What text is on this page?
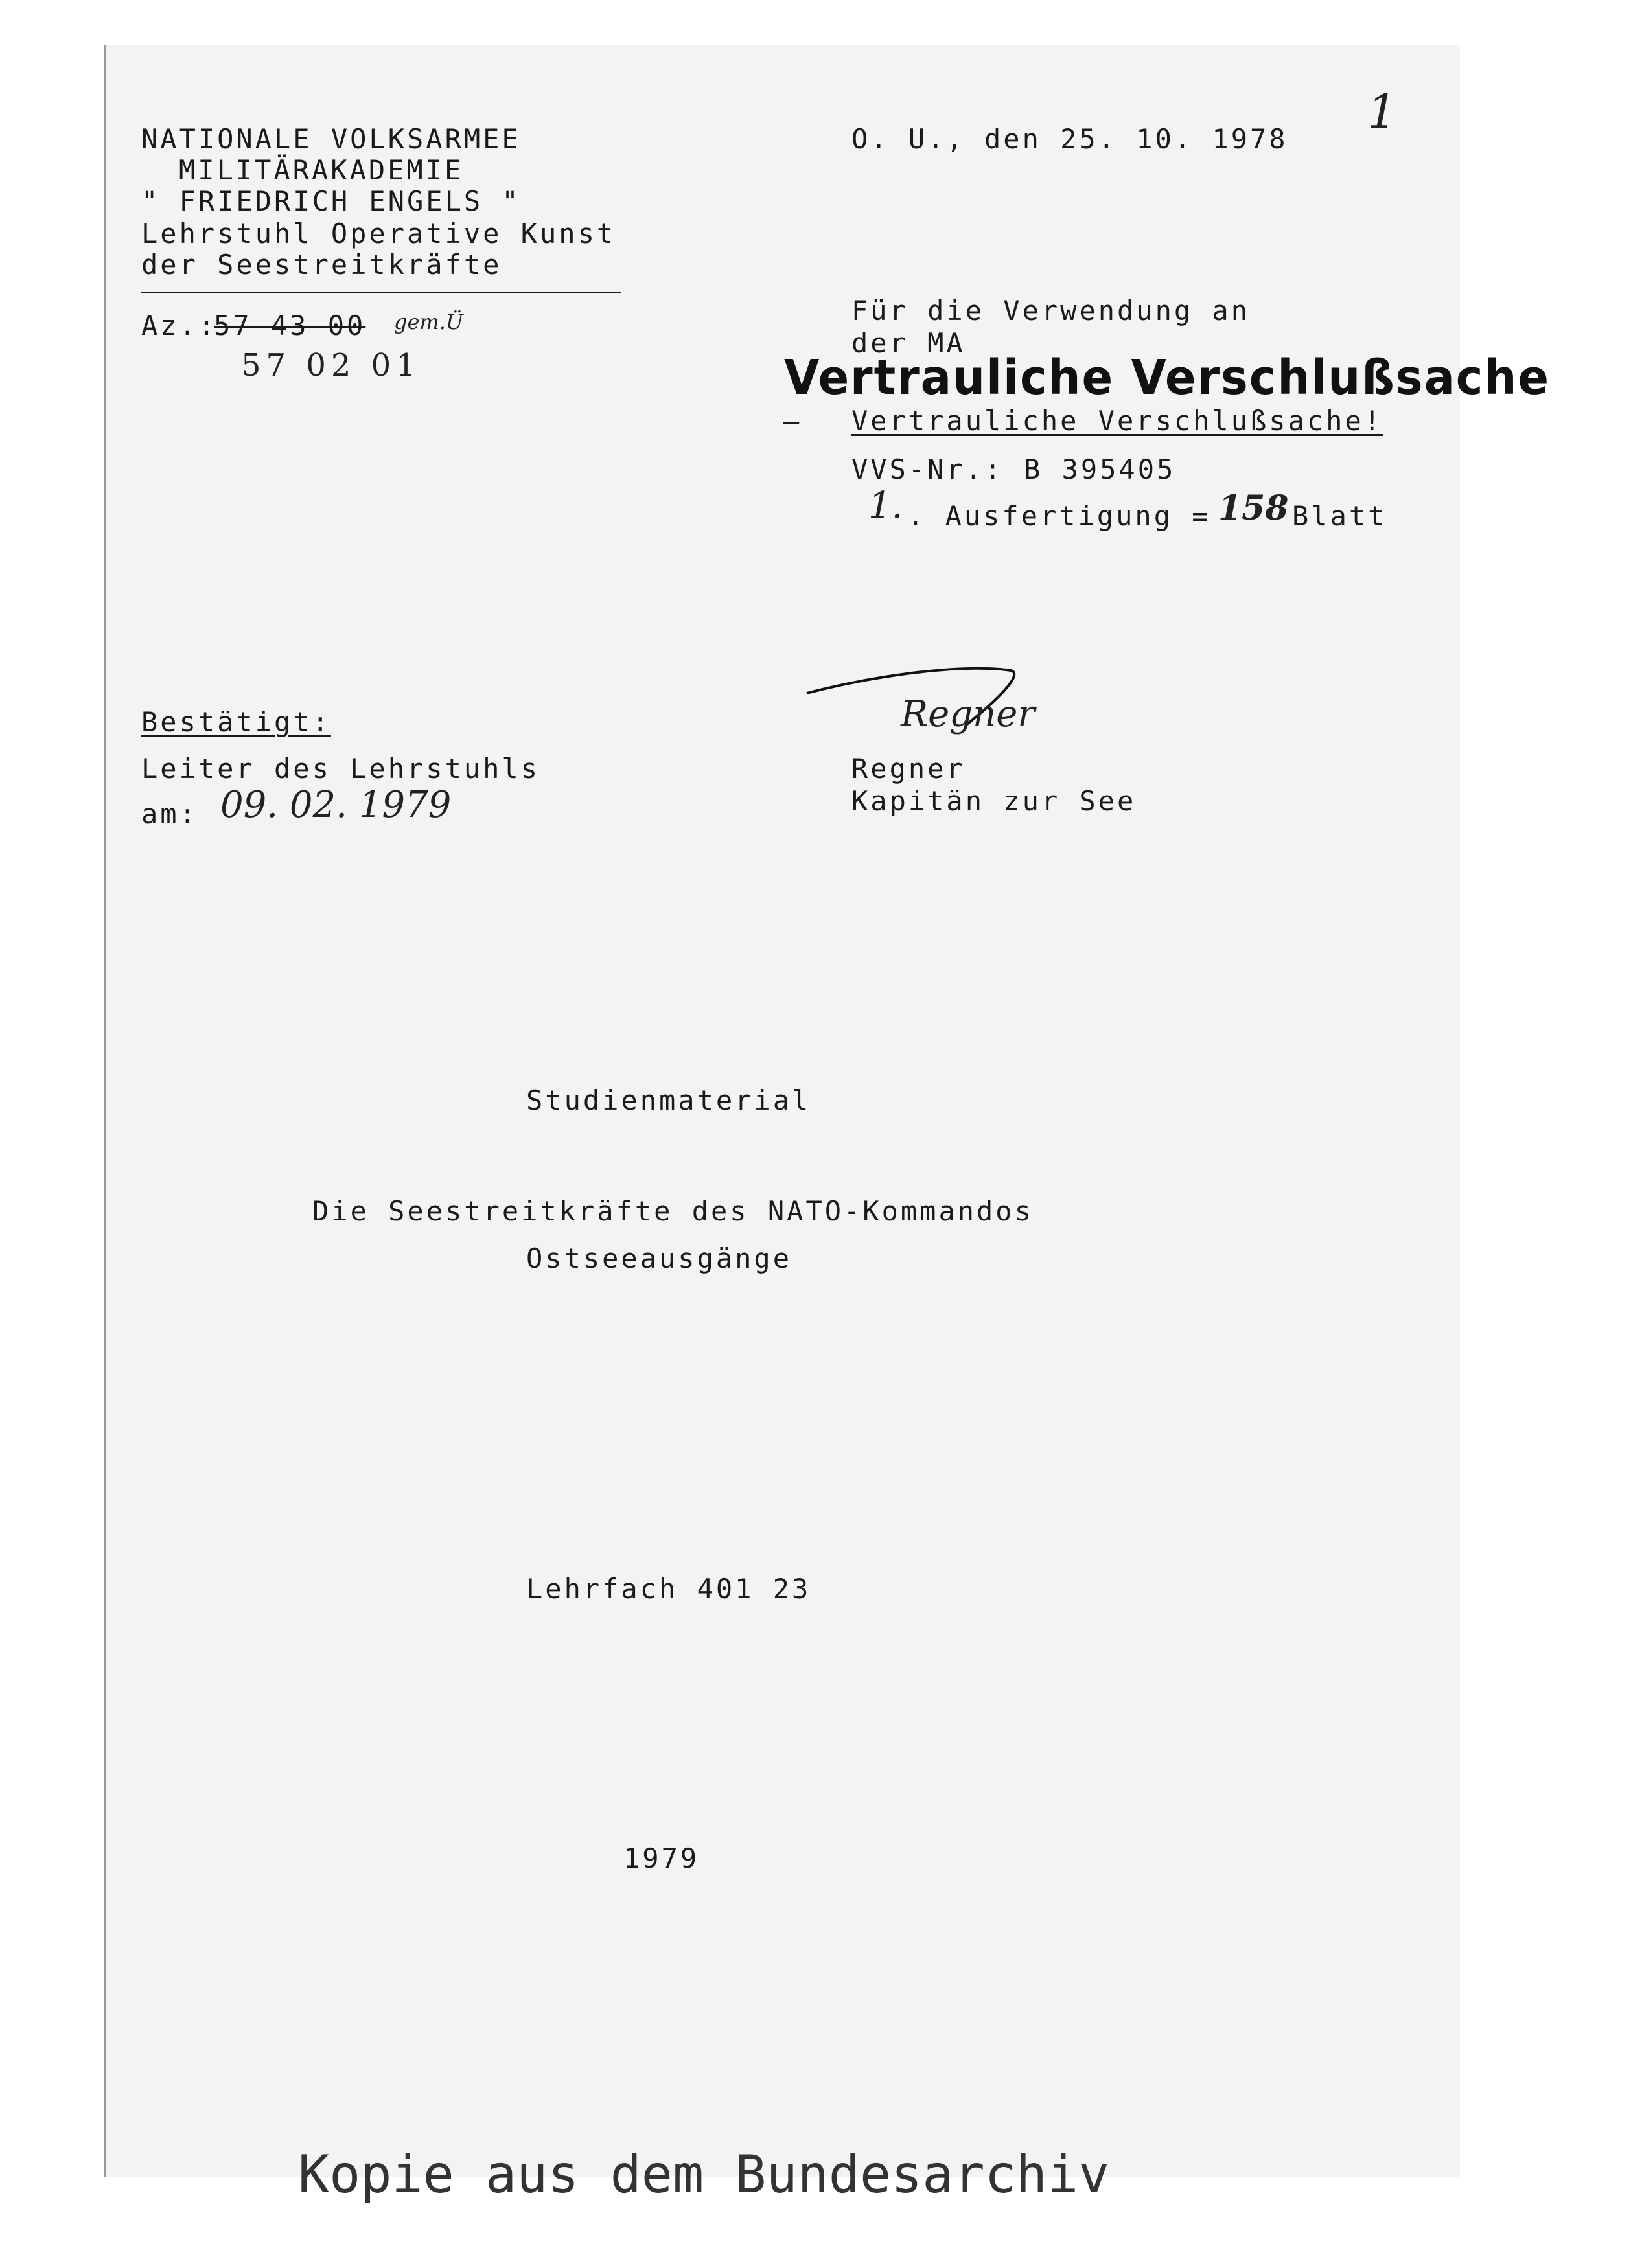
1
NATIONALE VOLKSARMEE
MILITÄRAKADEMIE
" FRIEDRICH ENGELS "
Lehrstuhl Operative Kunst
der Seestreitkräfte
Az.:
57 43 00 gem.Ü
57 02 01
O. U., den 25. 10. 1978
Für die Verwendung an
der MA
Vertrauliche Verschlußsache
– Vertrauliche Verschlußsache!
VVS-Nr.: B 395405
1. . Ausfertigung = 158 Blatt
Bestätigt:
Leiter des Lehrstuhls
am: 09. 02. 1979
Regner
Regner
Kapitän zur See
Studienmaterial
Die Seestreitkräfte des NATO-Kommandos
Ostseeausgänge
Lehrfach 401 23
1979
Kopie aus dem Bundesarchiv
